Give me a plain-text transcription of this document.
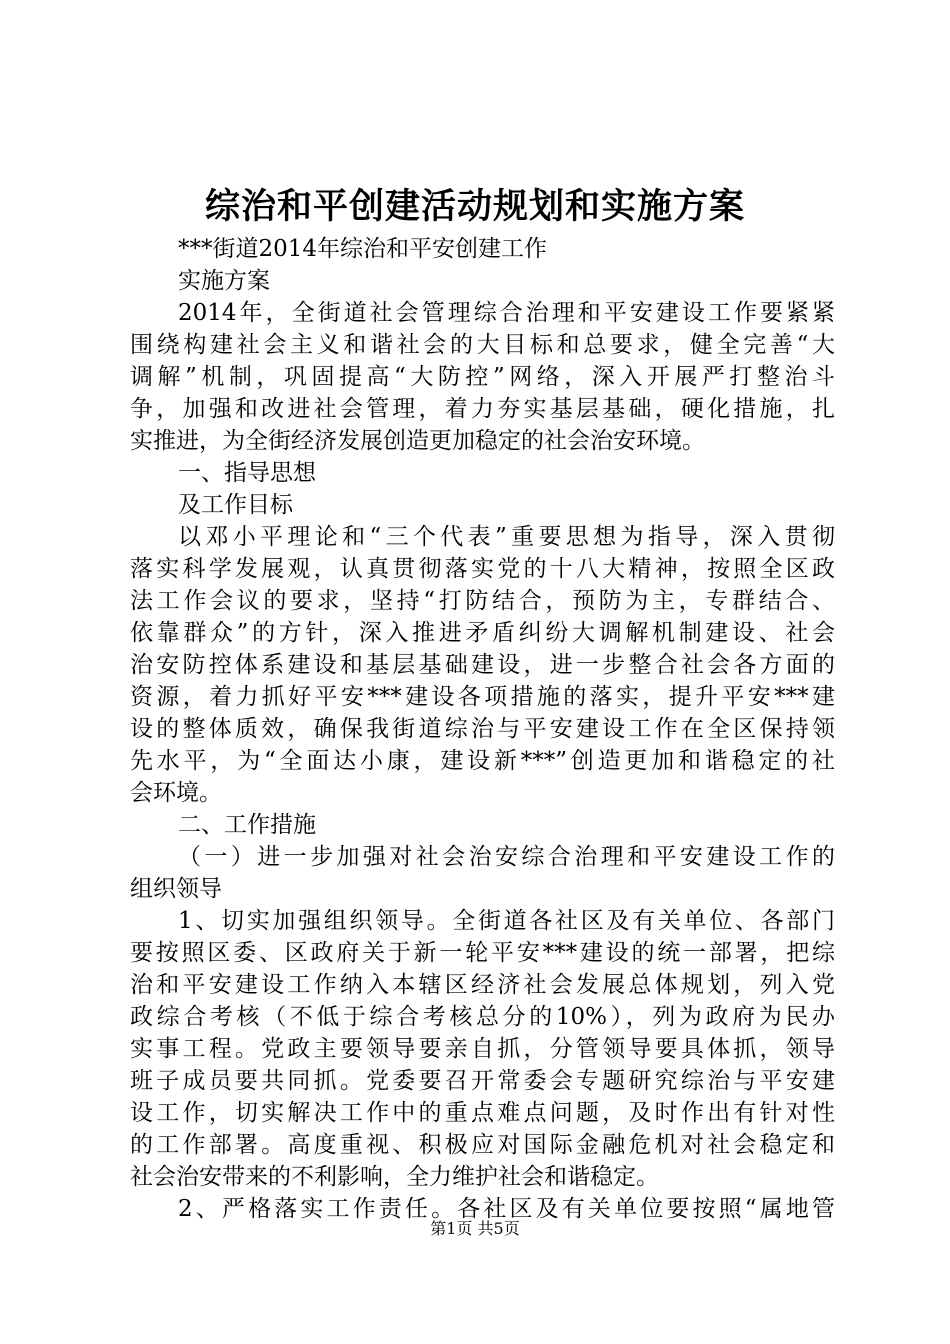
综治和平创建活动规划和实施方案
***街道2014年综治和平安创建工作
实施方案
2014年，全街道社会管理综合治理和平安建设工作要紧紧
围绕构建社会主义和谐社会的大目标和总要求，健全完善“大
调解”机制，巩固提高“大防控”网络，深入开展严打整治斗
争，加强和改进社会管理，着力夯实基层基础，硬化措施，扎
实推进，为全街经济发展创造更加稳定的社会治安环境。
一、指导思想
及工作目标
以邓小平理论和“三个代表”重要思想为指导，深入贯彻
落实科学发展观，认真贯彻落实党的十八大精神，按照全区政
法工作会议的要求，坚持“打防结合，预防为主，专群结合、
依靠群众”的方针，深入推进矛盾纠纷大调解机制建设、社会
治安防控体系建设和基层基础建设，进一步整合社会各方面的
资源，着力抓好平安***建设各项措施的落实，提升平安***建
设的整体质效，确保我街道综治与平安建设工作在全区保持领
先水平，为“全面达小康，建设新***”创造更加和谐稳定的社
会环境。
二、工作措施
（一）进一步加强对社会治安综合治理和平安建设工作的
组织领导
1、切实加强组织领导。全街道各社区及有关单位、各部门
要按照区委、区政府关于新一轮平安***建设的统一部署，把综
治和平安建设工作纳入本辖区经济社会发展总体规划，列入党
政综合考核（不低于综合考核总分的10%），列为政府为民办
实事工程。党政主要领导要亲自抓，分管领导要具体抓，领导
班子成员要共同抓。党委要召开常委会专题研究综治与平安建
设工作，切实解决工作中的重点难点问题，及时作出有针对性
的工作部署。高度重视、积极应对国际金融危机对社会稳定和
社会治安带来的不利影响，全力维护社会和谐稳定。
2、严格落实工作责任。各社区及有关单位要按照“属地管
第1页 共5页
